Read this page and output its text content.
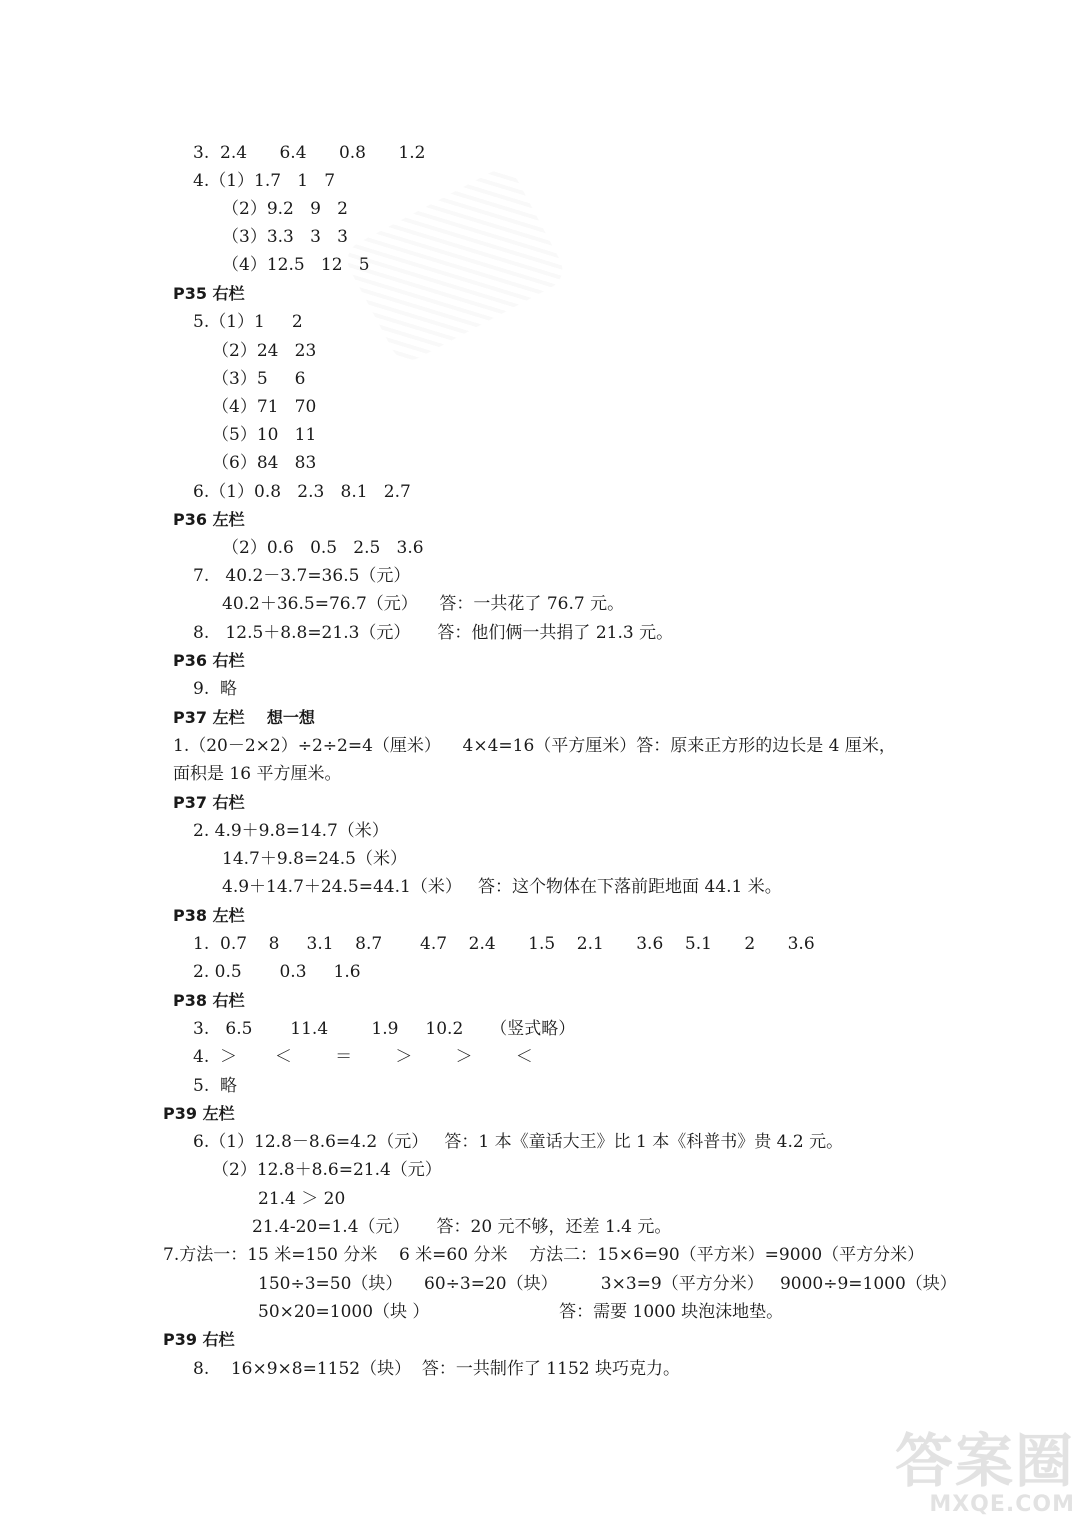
3.  2.4      6.4      0.8      1.2
4.（1）1.7   1   7
（2）9.2   9   2
（3）3.3   3   3
（4）12.5   12   5
P35 右栏
5.（1）1     2
（2）24   23
（3）5     6
（4）71   70
（5）10   11
（6）84   83
6.（1）0.8   2.3   8.1   2.7
P36 左栏
（2）0.6   0.5   2.5   3.6
7.   40.2－3.7=36.5（元）
40.2＋36.5=76.7（元）    答：一共花了 76.7 元。
8.   12.5＋8.8=21.3（元）     答：他们俩一共捐了 21.3 元。
P36 右栏
9.  略
P37 左栏    想一想
1.（20－2×2）÷2÷2=4（厘米）    4×4=16（平方厘米）答：原来正方形的边长是 4 厘米，
面积是 16 平方厘米。
P37 右栏
2. 4.9＋9.8=14.7（米）
14.7＋9.8=24.5（米）
4.9＋14.7＋24.5=44.1（米）   答：这个物体在下落前距地面 44.1 米。
P38 左栏
1.  0.7    8     3.1    8.7       4.7    2.4      1.5    2.1      3.6    5.1      2      3.6
2. 0.5       0.3     1.6
P38 右栏
3.   6.5       11.4        1.9     10.2     （竖式略）
4.  ＞       ＜        ＝        ＞        ＞        ＜
5.  略
P39 左栏
6.（1）12.8－8.6=4.2（元）   答：1 本《童话大王》比 1 本《科普书》贵 4.2 元。
（2）12.8＋8.6=21.4（元）
21.4 ＞ 20
21.4-20=1.4（元）     答：20 元不够，还差 1.4 元。
7.方法一：15 米=150 分米    6 米=60 分米    方法二：15×6=90（平方米）=9000（平方分米）
150÷3=50（块）    60÷3=20（块）        3×3=9（平方分米）   9000÷9=1000（块）
50×20=1000（块 ）                        答：需要 1000 块泡沫地垫。
P39 右栏
8.    16×9×8=1152（块）  答：一共制作了 1152 块巧克力。
答案圈
MXQE.COM
